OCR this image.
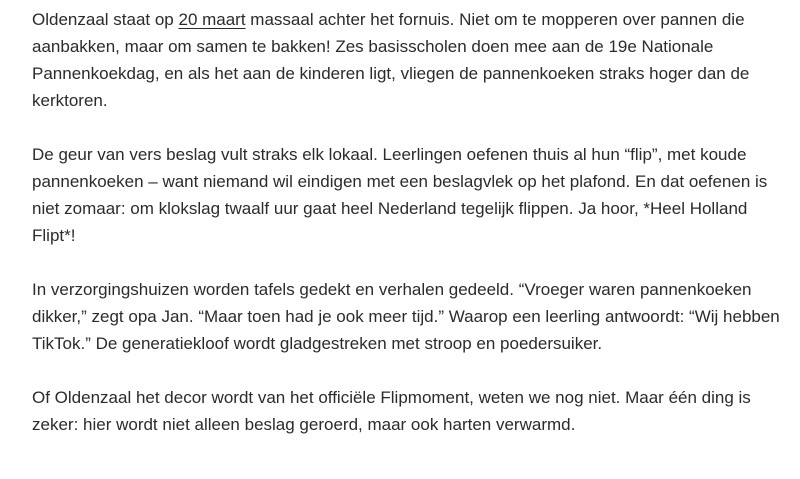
Oldenzaal staat op 20 maart massaal achter het fornuis. Niet om te mopperen over pannen die aanbakken, maar om samen te bakken! Zes basisscholen doen mee aan de 19e Nationale Pannenkoekdag, en als het aan de kinderen ligt, vliegen de pannenkoeken straks hoger dan de kerktoren.

De geur van vers beslag vult straks elk lokaal. Leerlingen oefenen thuis al hun “flip”, met koude pannenkoeken – want niemand wil eindigen met een beslagvlek op het plafond. En dat oefenen is niet zomaar: om klokslag twaalf uur gaat heel Nederland tegelijk flippen. Ja hoor, *Heel Holland Flipt*!

In verzorgingshuizen worden tafels gedekt en verhalen gedeeld. “Vroeger waren pannenkoeken dikker,” zegt opa Jan. “Maar toen had je ook meer tijd.” Waarop een leerling antwoordt: “Wij hebben TikTok.” De generatiekloof wordt gladgestreken met stroop en poedersuiker.

Of Oldenzaal het decor wordt van het officiële Flipmoment, weten we nog niet. Maar één ding is zeker: hier wordt niet alleen beslag geroerd, maar ook harten verwarmd.
